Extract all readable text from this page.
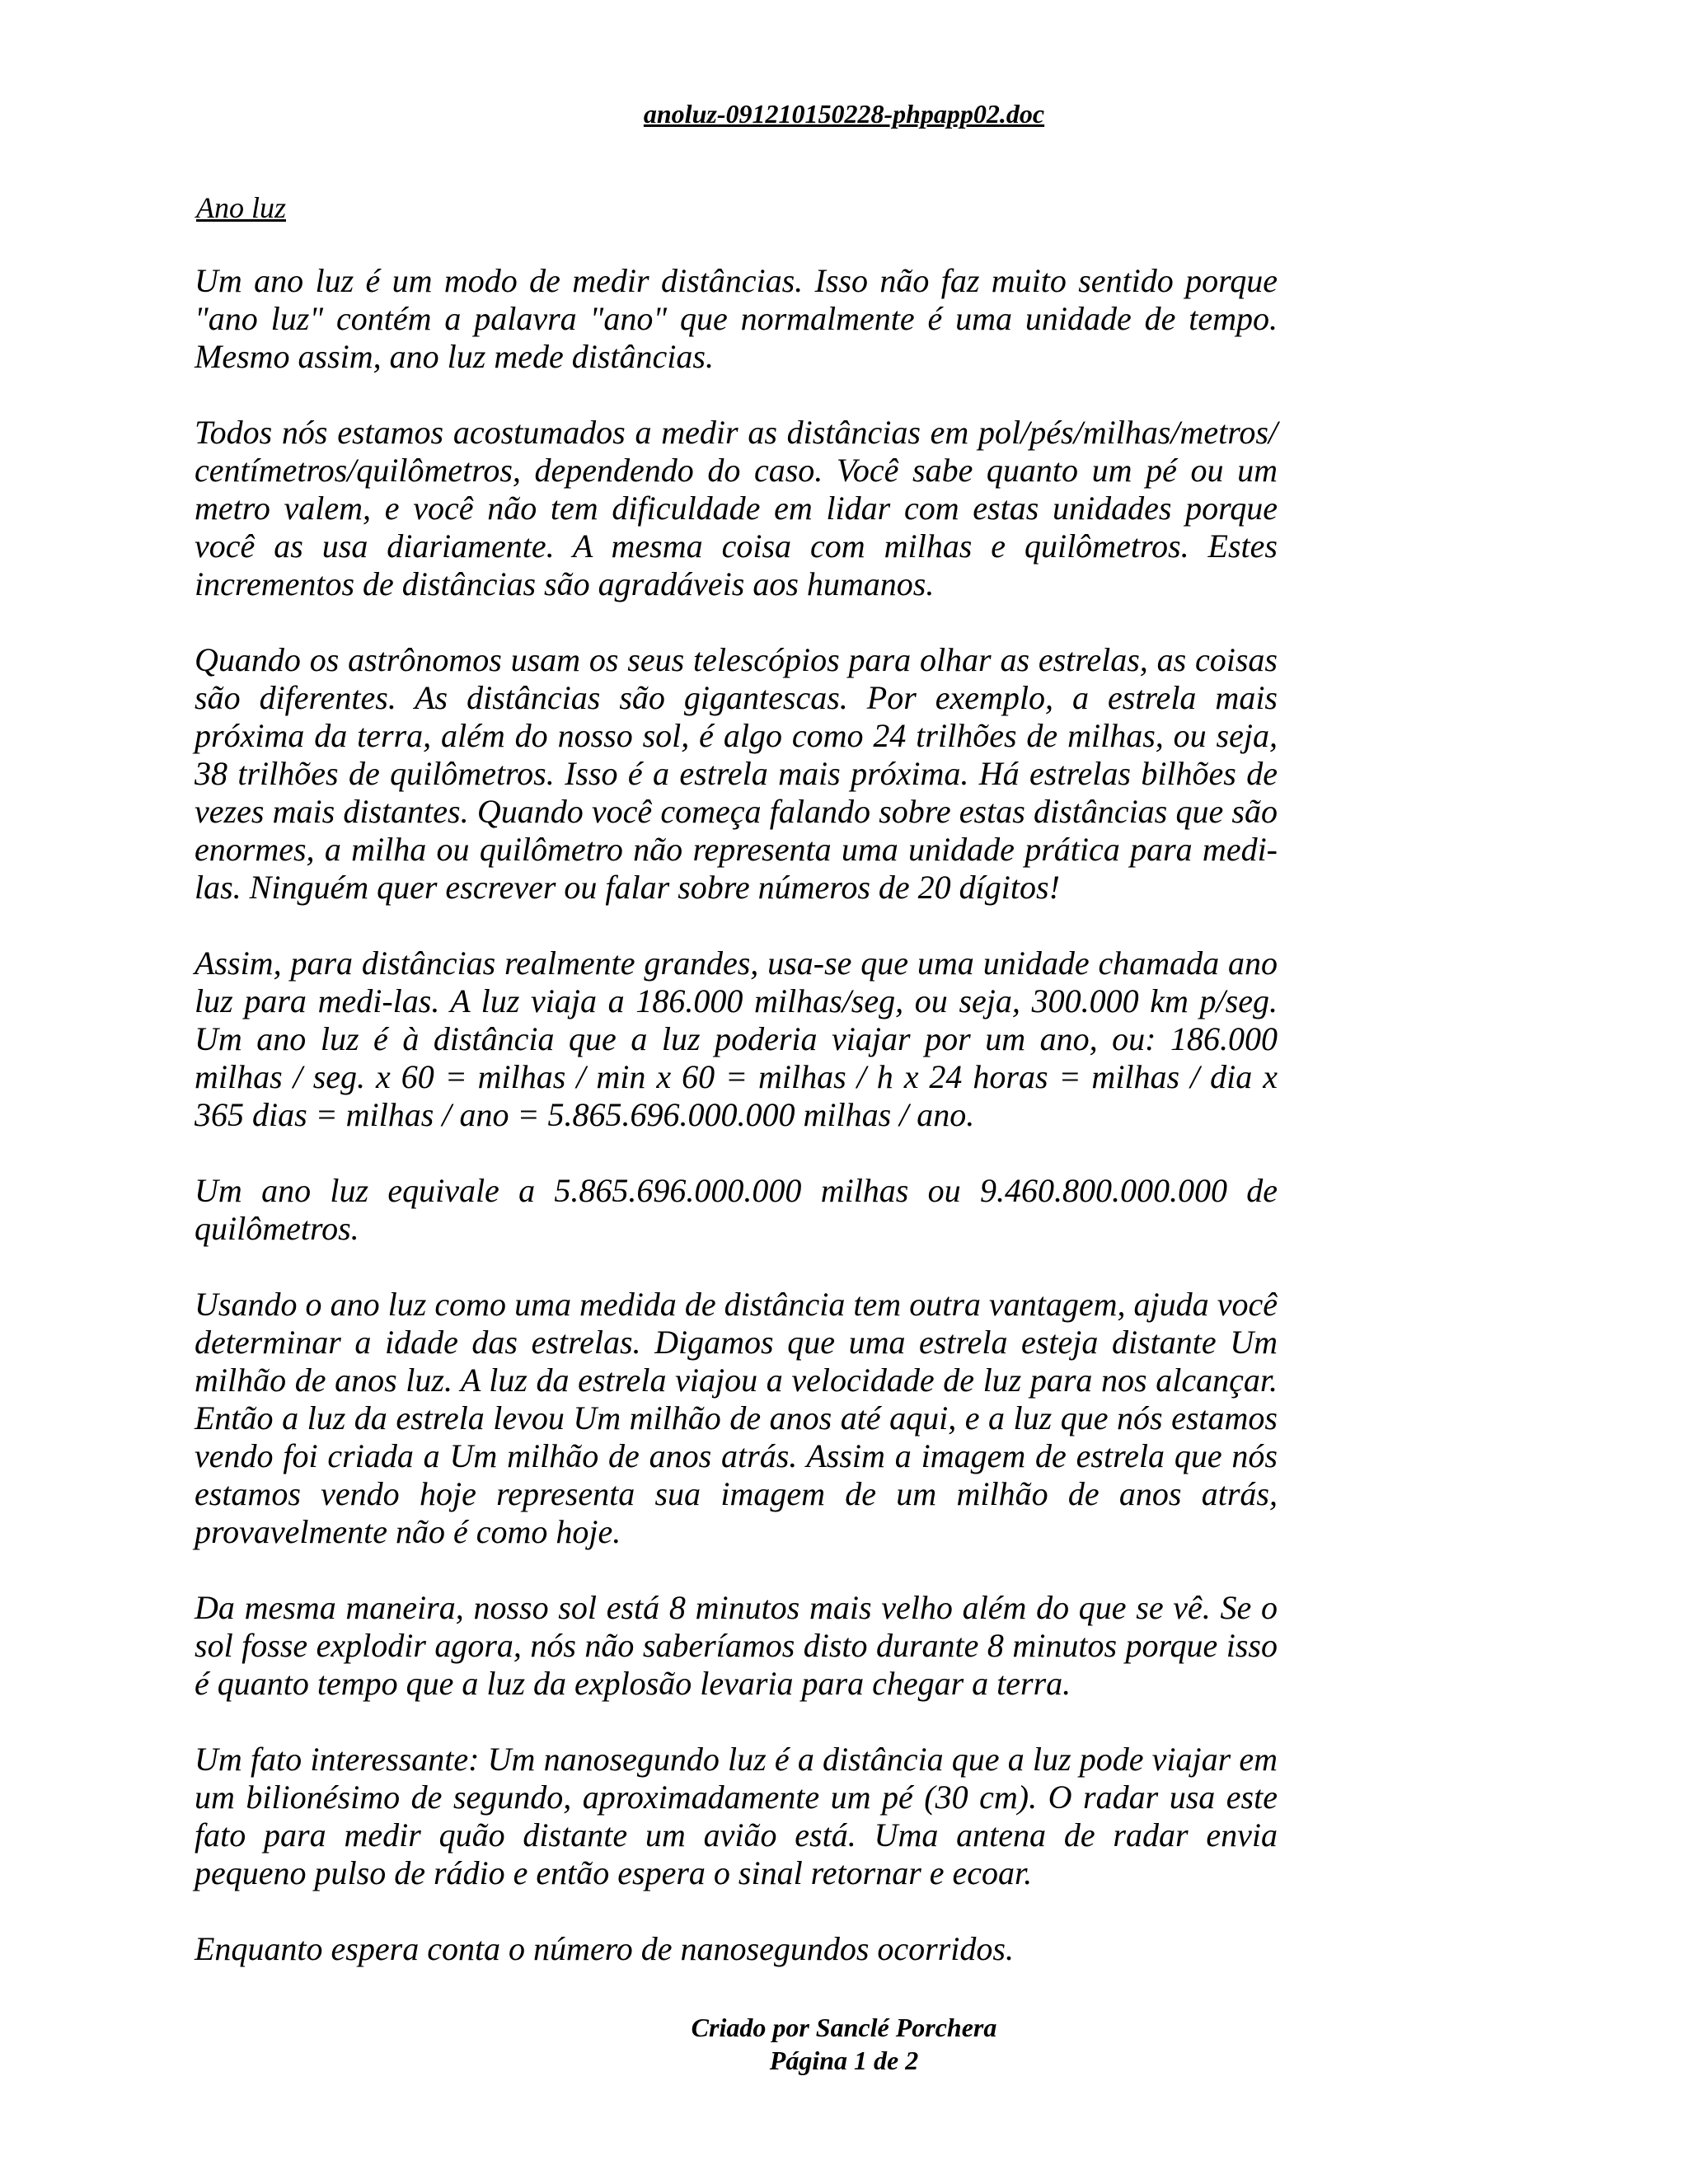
anoluz-091210150228-phpapp02.doc
Ano luz

Um ano luz é um modo de medir distâncias. Isso não faz muito sentido porque "ano luz" contém a palavra "ano" que normalmente é uma unidade de tempo. Mesmo assim, ano luz mede distâncias.

Todos nós estamos acostumados a medir as distâncias em pol/pés/milhas/metros/ centímetros/quilômetros, dependendo do caso. Você sabe quanto um pé ou um metro valem, e você não tem dificuldade em lidar com estas unidades porque você as usa diariamente. A mesma coisa com milhas e quilômetros. Estes incrementos de distâncias são agradáveis aos humanos.

Quando os astrônomos usam os seus telescópios para olhar as estrelas, as coisas são diferentes. As distâncias são gigantescas. Por exemplo, a estrela mais próxima da terra, além do nosso sol, é algo como 24 trilhões de milhas, ou seja, 38 trilhões de quilômetros. Isso é a estrela mais próxima. Há estrelas bilhões de vezes mais distantes. Quando você começa falando sobre estas distâncias que são enormes, a milha ou quilômetro não representa uma unidade prática para medi-las. Ninguém quer escrever ou falar sobre números de 20 dígitos!

Assim, para distâncias realmente grandes, usa-se que uma unidade chamada ano luz para medi-las. A luz viaja a 186.000 milhas/seg, ou seja, 300.000 km p/seg. Um ano luz é à distância que a luz poderia viajar por um ano, ou: 186.000 milhas / seg. x 60 = milhas / min x 60 = milhas / h x 24 horas = milhas / dia x 365 dias = milhas / ano = 5.865.696.000.000 milhas / ano.

Um ano luz equivale a 5.865.696.000.000 milhas ou 9.460.800.000.000 de quilômetros.

Usando o ano luz como uma medida de distância tem outra vantagem, ajuda você determinar a idade das estrelas. Digamos que uma estrela esteja distante Um milhão de anos luz. A luz da estrela viajou a velocidade de luz para nos alcançar. Então a luz da estrela levou Um milhão de anos até aqui, e a luz que nós estamos vendo foi criada a Um milhão de anos atrás. Assim a imagem de estrela que nós estamos vendo hoje representa sua imagem de um milhão de anos atrás, provavelmente não é como hoje.

Da mesma maneira, nosso sol está 8 minutos mais velho além do que se vê. Se o sol fosse explodir agora, nós não saberíamos disto durante 8 minutos porque isso é quanto tempo que a luz da explosão levaria para chegar a terra.

Um fato interessante: Um nanosegundo luz é a distância que a luz pode viajar em um bilionésimo de segundo, aproximadamente um pé (30 cm). O radar usa este fato para medir quão distante um avião está. Uma antena de radar envia pequeno pulso de rádio e então espera o sinal retornar e ecoar.

Enquanto espera conta o número de nanosegundos ocorridos.

Criado por Sanclé Porchera
Página 1 de 2
